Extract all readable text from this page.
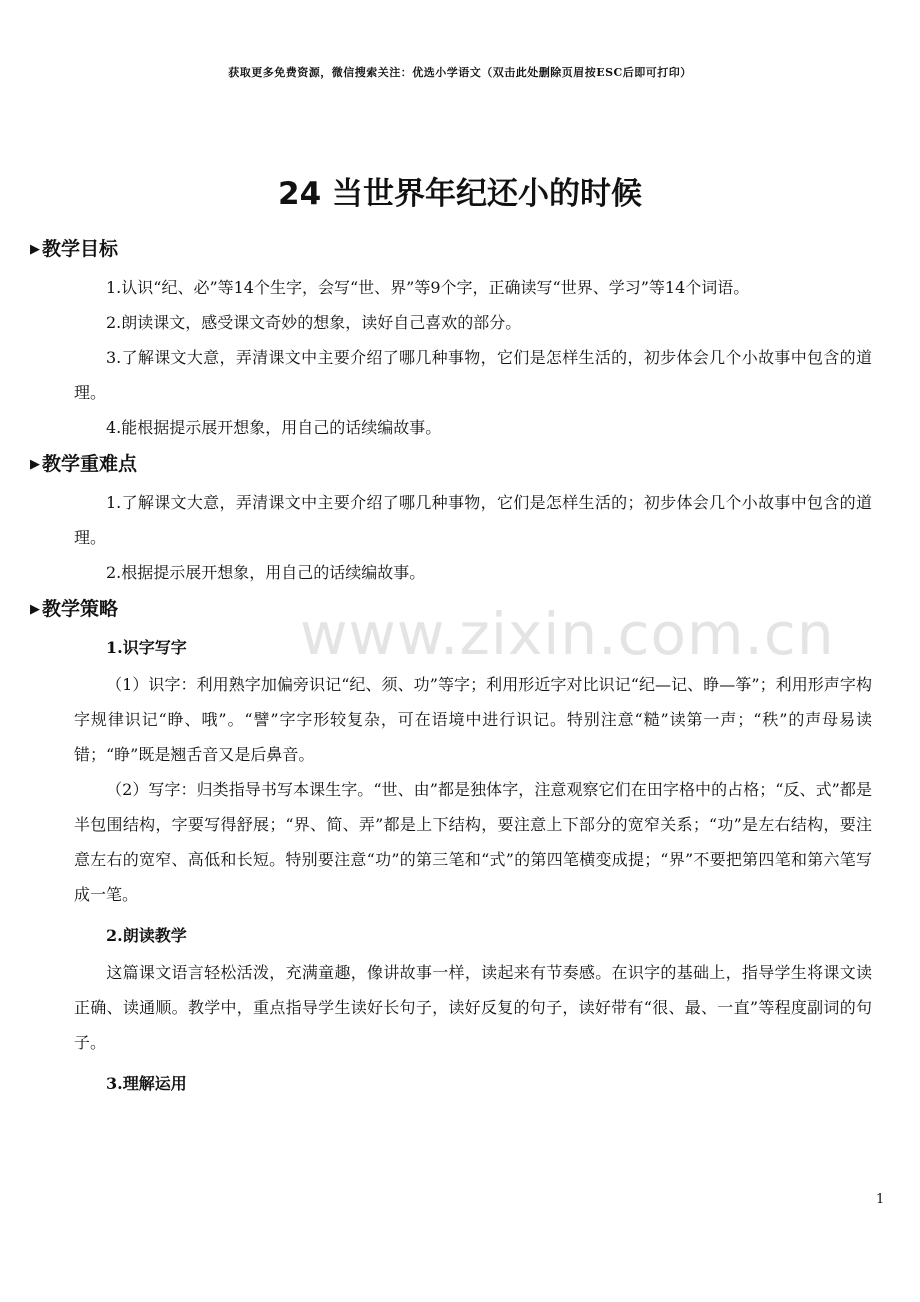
获取更多免费资源，微信搜索关注：优选小学语文（双击此处删除页眉按ESC后即可打印）
www.zixin.com.cn
24 当世界年纪还小的时候
▶ 教学目标
1.认识“纪、必”等14个生字，会写“世、界”等9个字，正确读写“世界、学习”等14个词语。
2.朗读课文，感受课文奇妙的想象，读好自己喜欢的部分。
3.了解课文大意，弄清课文中主要介绍了哪几种事物，它们是怎样生活的，初步体会几个小故事中包含的道理。
4.能根据提示展开想象，用自己的话续编故事。
▶ 教学重难点
1.了解课文大意，弄清课文中主要介绍了哪几种事物，它们是怎样生活的；初步体会几个小故事中包含的道理。
2.根据提示展开想象，用自己的话续编故事。
▶ 教学策略
1.识字写字
（1）识字：利用熟字加偏旁识记“纪、须、功”等字；利用形近字对比识记“纪—记、睁—筝”；利用形声字构字规律识记“睁、哦”。“譬”字字形较复杂，可在语境中进行识记。特别注意“糙”读第一声；“秩”的声母易读错；“睁”既是翘舌音又是后鼻音。
（2）写字：归类指导书写本课生字。“世、由”都是独体字，注意观察它们在田字格中的占格；“反、式”都是半包围结构，字要写得舒展；“界、简、弄”都是上下结构，要注意上下部分的宽窄关系；“功”是左右结构，要注意左右的宽窄、高低和长短。特别要注意“功”的第三笔和“式”的第四笔横变成提；“界”不要把第四笔和第六笔写成一笔。
2.朗读教学
这篇课文语言轻松活泼，充满童趣，像讲故事一样，读起来有节奏感。在识字的基础上，指导学生将课文读正确、读通顺。教学中，重点指导学生读好长句子，读好反复的句子，读好带有“很、最、一直”等程度副词的句子。
3.理解运用
1
